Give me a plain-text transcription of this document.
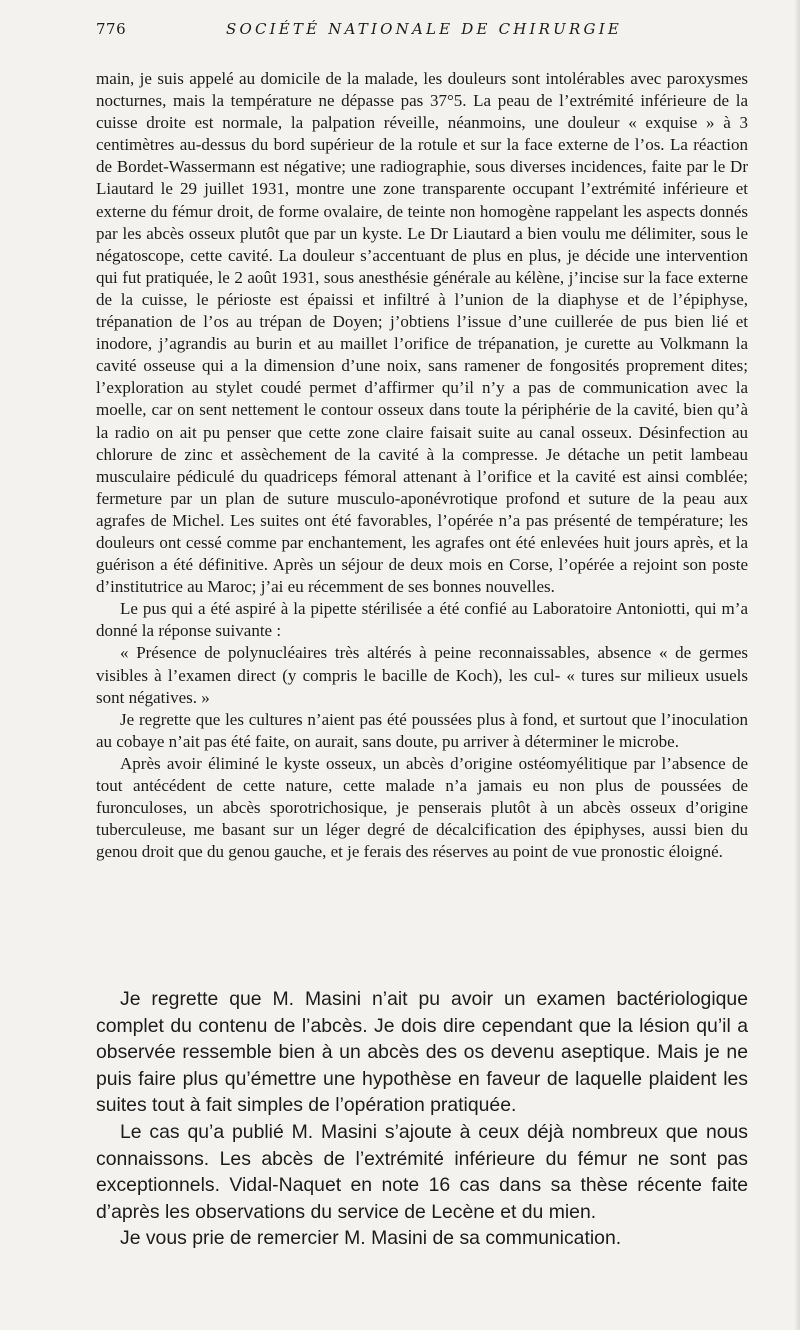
776	SOCIÉTÉ NATIONALE DE CHIRURGIE

main, je suis appelé au domicile de la malade, les douleurs sont intolérables avec paroxysmes nocturnes, mais la température ne dépasse pas 37°5. La peau de l’extrémité inférieure de la cuisse droite est normale, la palpation réveille, néanmoins, une douleur « exquise » à 3 centimètres au-dessus du bord supérieur de la rotule et sur la face externe de l’os. La réaction de Bordet-Wassermann est négative; une radiographie, sous diverses incidences, faite par le Dr Liautard le 29 juillet 1931, montre une zone transparente occupant l’extrémité inférieure et externe du fémur droit, de forme ovalaire, de teinte non homogène rappelant les aspects donnés par les abcès osseux plutôt que par un kyste. Le Dr Liautard a bien voulu me délimiter, sous le négatoscope, cette cavité. La douleur s’accentuant de plus en plus, je décide une intervention qui fut pratiquée, le 2 août 1931, sous anesthésie générale au kélène, j’incise sur la face externe de la cuisse, le périoste est épaissi et infiltré à l’union de la diaphyse et de l’épiphyse, trépanation de l’os au trépan de Doyen; j’obtiens l’issue d’une cuillerée de pus bien lié et inodore, j’agrandis au burin et au maillet l’orifice de trépanation, je curette au Volkmann la cavité osseuse qui a la dimension d’une noix, sans ramener de fongosités proprement dites; l’exploration au stylet coudé permet d’affirmer qu’il n’y a pas de communication avec la moelle, car on sent nettement le contour osseux dans toute la périphérie de la cavité, bien qu’à la radio on ait pu penser que cette zone claire faisait suite au canal osseux. Désinfection au chlorure de zinc et assèchement de la cavité à la compresse. Je détache un petit lambeau musculaire pédiculé du quadriceps fémoral attenant à l’orifice et la cavité est ainsi comblée; fermeture par un plan de suture musculo-aponévrotique profond et suture de la peau aux agrafes de Michel. Les suites ont été favorables, l’opérée n’a pas présenté de température; les douleurs ont cessé comme par enchantement, les agrafes ont été enlevées huit jours après, et la guérison a été définitive. Après un séjour de deux mois en Corse, l’opérée a rejoint son poste d’institutrice au Maroc; j’ai eu récemment de ses bonnes nouvelles.

Le pus qui a été aspiré à la pipette stérilisée a été confié au Laboratoire Antoniotti, qui m’a donné la réponse suivante :

« Présence de polynucléaires très altérés à peine reconnaissables, absence « de germes visibles à l’examen direct (y compris le bacille de Koch), les cul- « tures sur milieux usuels sont négatives. »

Je regrette que les cultures n’aient pas été poussées plus à fond, et surtout que l’inoculation au cobaye n’ait pas été faite, on aurait, sans doute, pu arriver à déterminer le microbe.

Après avoir éliminé le kyste osseux, un abcès d’origine ostéomyélitique par l’absence de tout antécédent de cette nature, cette malade n’a jamais eu non plus de poussées de furonculoses, un abcès sporotrichosique, je penserais plutôt à un abcès osseux d’origine tuberculeuse, me basant sur un léger degré de décalcification des épiphyses, aussi bien du genou droit que du genou gauche, et je ferais des réserves au point de vue pronostic éloigné.

Je regrette que M. Masini n’ait pu avoir un examen bactériologique complet du contenu de l’abcès. Je dois dire cependant que la lésion qu’il a observée ressemble bien à un abcès des os devenu aseptique. Mais je ne puis faire plus qu’émettre une hypothèse en faveur de laquelle plaident les suites tout à fait simples de l’opération pratiquée.

Le cas qu’a publié M. Masini s’ajoute à ceux déjà nombreux que nous connaissons. Les abcès de l’extrémité inférieure du fémur ne sont pas exceptionnels. Vidal-Naquet en note 16 cas dans sa thèse récente faite d’après les observations du service de Lecène et du mien.

Je vous prie de remercier M. Masini de sa communication.
